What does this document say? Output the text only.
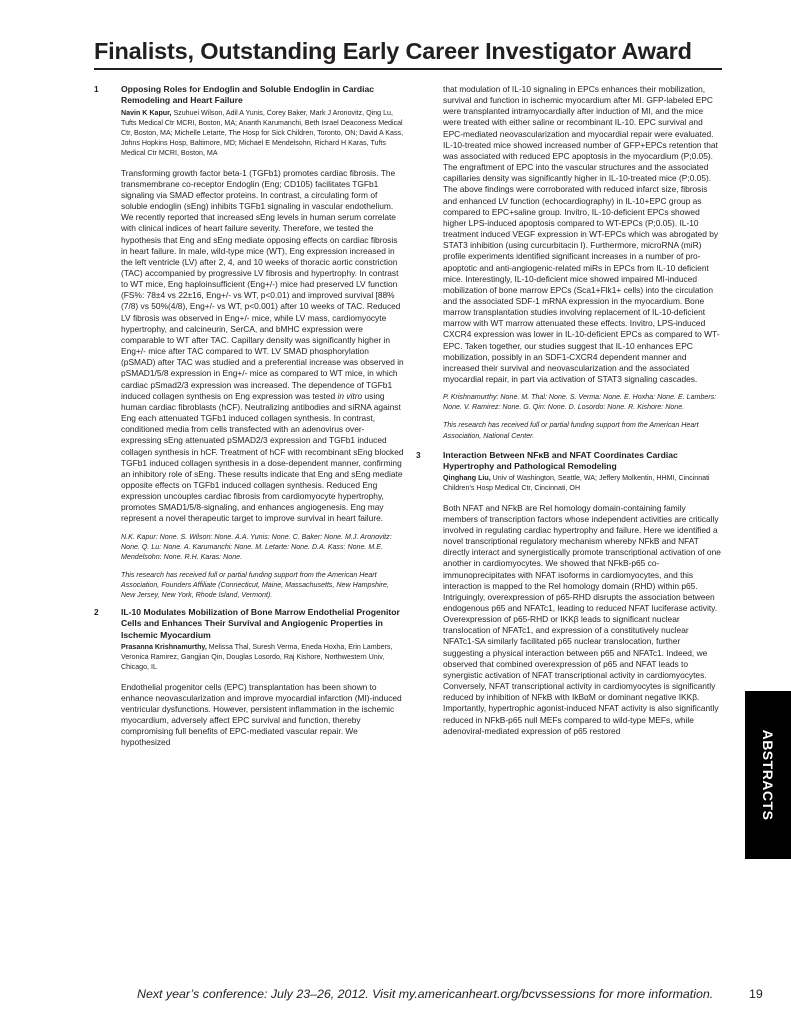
Finalists, Outstanding Early Career Investigator Award
1	Opposing Roles for Endoglin and Soluble Endoglin in Cardiac Remodeling and Heart Failure
Navin K Kapur, Szuhuei Wilson, Adil A Yunis, Corey Baker, Mark J Aronovitz, Qing Lu, Tufts Medical Ctr MCRI, Boston, MA; Ananth Karumanchi, Beth Israel Deaconess Medical Ctr, Boston, MA; Michelle Letarte, The Hosp for Sick Children, Toronto, ON; David A Kass, Johns Hopkins Hosp, Baltimore, MD; Michael E Mendelsohn, Richard H Karas, Tufts Medical Ctr MCRI, Boston, MA

Transforming growth factor beta-1 (TGFb1) promotes cardiac fibrosis. The transmembrane co-receptor Endoglin (Eng; CD105) facilitates TGFb1 signaling via SMAD effector proteins. In contrast, a circulating form of soluble endoglin (sEng) inhibits TGFb1 signaling in vascular endothelium. We recently reported that increased sEng levels in human serum correlate with clinical indices of heart failure severity. Therefore, we tested the hypothesis that Eng and sEng mediate opposing effects on cardiac fibrosis in heart failure. In male, wild-type mice (WT), Eng expression increased in the left ventricle (LV) after 2, 4, and 10 weeks of thoracic aortic constriction (TAC) accompanied by progressive LV fibrosis and hypertrophy. In contrast to WT mice, Eng haploinsufficient (Eng+/-) mice had preserved LV function (FS%: 78±4 vs 22±16, Eng+/- vs WT, p<0.01) and improved survival [88%(7/8) vs 50%(4/8), Eng+/- vs WT, p<0.001) after 10 weeks of TAC. Reduced LV fibrosis was observed in Eng+/- mice, while LV mass, cardiomyocyte hypertrophy, and calcineurin, SerCA, and bMHC expression were comparable to WT after TAC. Capillary density was significantly higher in Eng+/- mice after TAC compared to WT. LV SMAD phosphorylation (pSMAD) after TAC was studied and a preferential increase was observed in pSMAD1/5/8 expression in Eng+/- mice as compared to WT mice, in which cardiac pSmad2/3 expression was increased. The dependence of TGFb1 induced collagen synthesis on Eng expression was tested in vitro using human cardiac fibroblasts (hCF). Neutralizing antibodies and siRNA against Eng each attenuated TGFb1 induced collagen synthesis. In contrast, conditioned media from cells transfected with an adenovirus over-expressing sEng attenuated pSMAD2/3 expression and TGFb1 induced collagen synthesis in hCF. Treatment of hCF with recombinant sEng blocked TGFb1 induced collagen synthesis in a dose-dependent manner, confirming an inhibitory role of sEng. These results indicate that Eng and sEng mediate opposite effects on TGFb1 induced collagen synthesis. Reduced Eng expression uncouples cardiac fibrosis from cardiomyocyte hypertrophy, promotes SMAD1/5/8-signaling, and enhances angiogenesis. Eng may represent a novel therapeutic target to improve survival in heart failure.

N.K. Kapur: None. S. Wilson: None. A.A. Yunis: None. C. Baker: None. M.J. Aronovitz: None. Q. Lu: None. A. Karumanchi: None. M. Letarte: None. D.A. Kass: None. M.E. Mendelsohn: None. R.H. Karas: None.
This research has received full or partial funding support from the American Heart Association, Founders Affiliate (Connecticut, Maine, Massachusetts, New Hampshire, New Jersey, New York, Rhode Island, Vermont).
2	IL-10 Modulates Mobilization of Bone Marrow Endothelial Progenitor Cells and Enhances Their Survival and Angiogenic Properties in Ischemic Myocardium
Prasanna Krishnamurthy, Melissa Thal, Suresh Verma, Eneda Hoxha, Erin Lambers, Veronica Ramirez, Gangjian Qin, Douglas Losordo, Raj Kishore, Northwestern Univ, Chicago, IL

Endothelial progenitor cells (EPC) transplantation has been shown to enhance neovascularization and improve myocardial infarction (MI)-induced ventricular dysfunctions. However, persistent inflammation in the ischemic myocardium, adversely affect EPC survival and function, thereby compromising full benefits of EPC-mediated vascular repair. We hypothesized

that modulation of IL-10 signaling in EPCs enhances their mobilization, survival and function in ischemic myocardium after MI. GFP-labeled EPC were transplanted intramyocardially after induction of MI, and the mice were treated with either saline or recombinant IL-10. EPC survival and EPC-mediated neovascularization and myocardial repair were evaluated. IL-10-treated mice showed increased number of GFP+EPCs retention that was associated with reduced EPC apoptosis in the myocardium (P;0.05). The engraftment of EPC into the vascular structures and the associated capillaries density was significantly higher in IL-10-treated mice (P;0.05). The above findings were corroborated with reduced infarct size, fibrosis and enhanced LV function (echocardiography) in IL-10+EPC group as compared to EPC+saline group. Invitro, IL-10-deficient EPCs showed higher LPS-induced apoptosis compared to WT-EPCs (P;0.05). IL-10 treatment induced VEGF expression in WT-EPCs which was abrogated by STAT3 inhibition (using curcurbitacin I). Furthermore, microRNA (miR) profile experiments identified significant increases in a number of pro-apoptotic and anti-angiogenic-related miRs in EPCs from IL-10 deficient mice. Interestingly, IL-10-deficient mice showed impaired MI-induced mobilization of bone marrow EPCs (Sca1+Flk1+ cells) into the circulation and the associated SDF-1 mRNA expression in the myocardium. Bone marrow transplantation studies involving replacement of IL-10-deficient marrow with WT marrow attenuated these effects. Invitro, LPS-induced CXCR4 expression was lower in IL-10-deficient EPCs as compared to WT-EPC. Taken together, our studies suggest that IL-10 enhances EPC mobilization, possibly in an SDF1-CXCR4 dependent manner and increased their survival and neovascularization and the associated myocardial repair, in part via activation of STAT3 signaling cascades.

P. Krishnamurthy: None. M. Thal: None. S. Verma: None. E. Hoxha: None. E. Lambers: None. V. Ramirez: None. G. Qin: None. D. Losordo: None. R. Kishore: None.
This research has received full or partial funding support from the American Heart Association, National Center.
3	Interaction Between NFκB and NFAT Coordinates Cardiac Hypertrophy and Pathological Remodeling
Qinghang Liu, Univ of Washington, Seattle, WA; Jeffery Molkentin, HHMI, Cincinnati Children’s Hosp Medical Ctr, Cincinnati, OH

Both NFAT and NFkB are Rel homology domain-containing family members of transcription factors whose independent activities are critically involved in regulating cardiac hypertrophy and failure. Here we identified a novel transcriptional regulatory mechanism whereby NFkB and NFAT directly interact and synergistically promote transcriptional activation of one another in cardiomyocytes. We showed that NFkB-p65 co-immunoprecipitates with NFAT isoforms in cardiomyocytes, and this interaction is mapped to the Rel homology domain (RHD) within p65. Intriguingly, overexpression of p65-RHD disrupts the association between endogenous p65 and NFATc1, leading to reduced NFAT luciferase activity. Overexpression of p65-RHD or IKKβ leads to significant nuclear translocation of NFATc1, and expression of a constitutively nuclear NFATc1-SA similarly facilitated p65 nuclear translocation, further suggesting a physical interaction between p65 and NFATc1. Indeed, we observed that combined overexpression of p65 and NFAT leads to synergistic activation of NFAT transcriptional activity in cardiomyocytes. Conversely, NFAT transcriptional activity in cardiomyocytes is significantly reduced by inhibition of NFkB with IkBαM or dominant negative IKKβ. Importantly, hypertrophic agonist-induced NFAT activity is also significantly reduced in NFkB-p65 null MEFs compared to wild-type MEFs, while adenoviral-mediated expression of p65 restored	ABSTRACTS
Next year’s conference: July 23–26, 2012. Visit my.americanheart.org/bcvssessions for more information.	19
